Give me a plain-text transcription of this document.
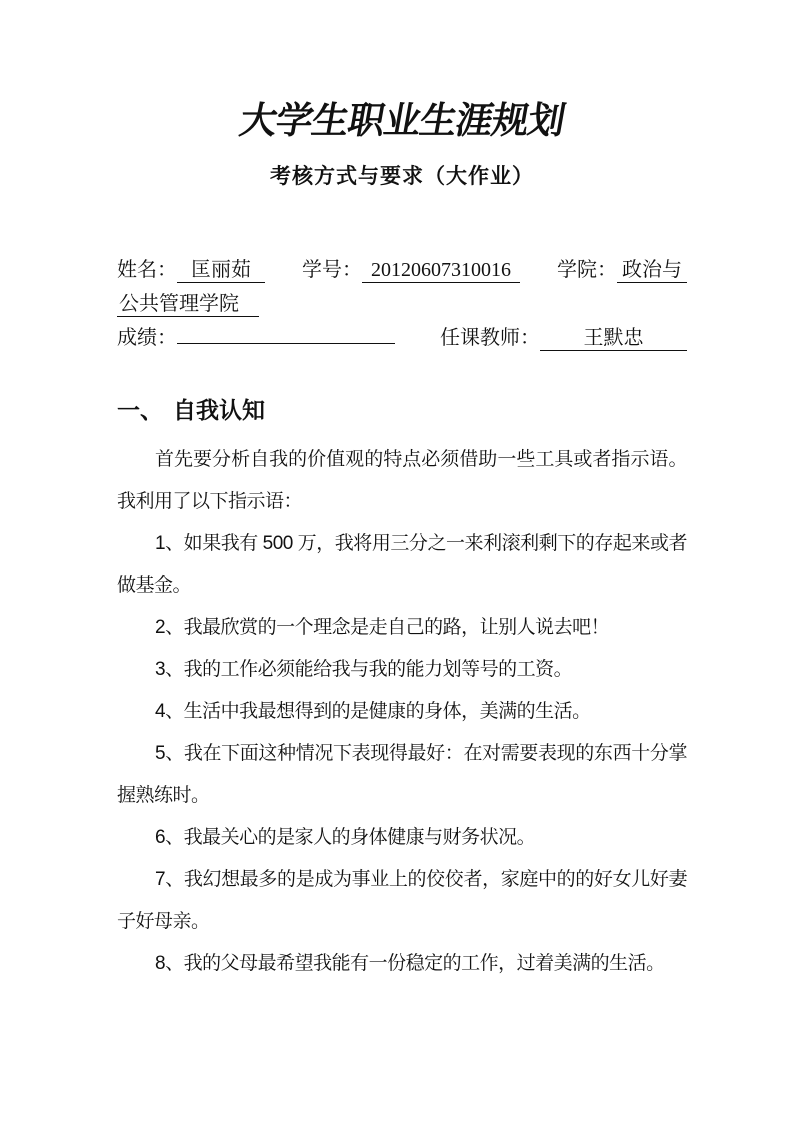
大学生职业生涯规划
考核方式与要求（大作业）
姓名： 匡丽茹	学号： 20120607310016	学院： 政治与
公共管理学院
成绩：	任课教师： 王默忠
一、 自我认知

首先要分析自我的价值观的特点必须借助一些工具或者指示语。我利用了以下指示语：

1、如果我有 500 万，我将用三分之一来利滚利剩下的存起来或者做基金。

2、我最欣赏的一个理念是走自己的路，让别人说去吧！

3、我的工作必须能给我与我的能力划等号的工资。

4、生活中我最想得到的是健康的身体，美满的生活。

5、我在下面这种情况下表现得最好：在对需要表现的东西十分掌握熟练时。

6、我最关心的是家人的身体健康与财务状况。

7、我幻想最多的是成为事业上的佼佼者，家庭中的的好女儿好妻子好母亲。

8、我的父母最希望我能有一份稳定的工作，过着美满的生活。
